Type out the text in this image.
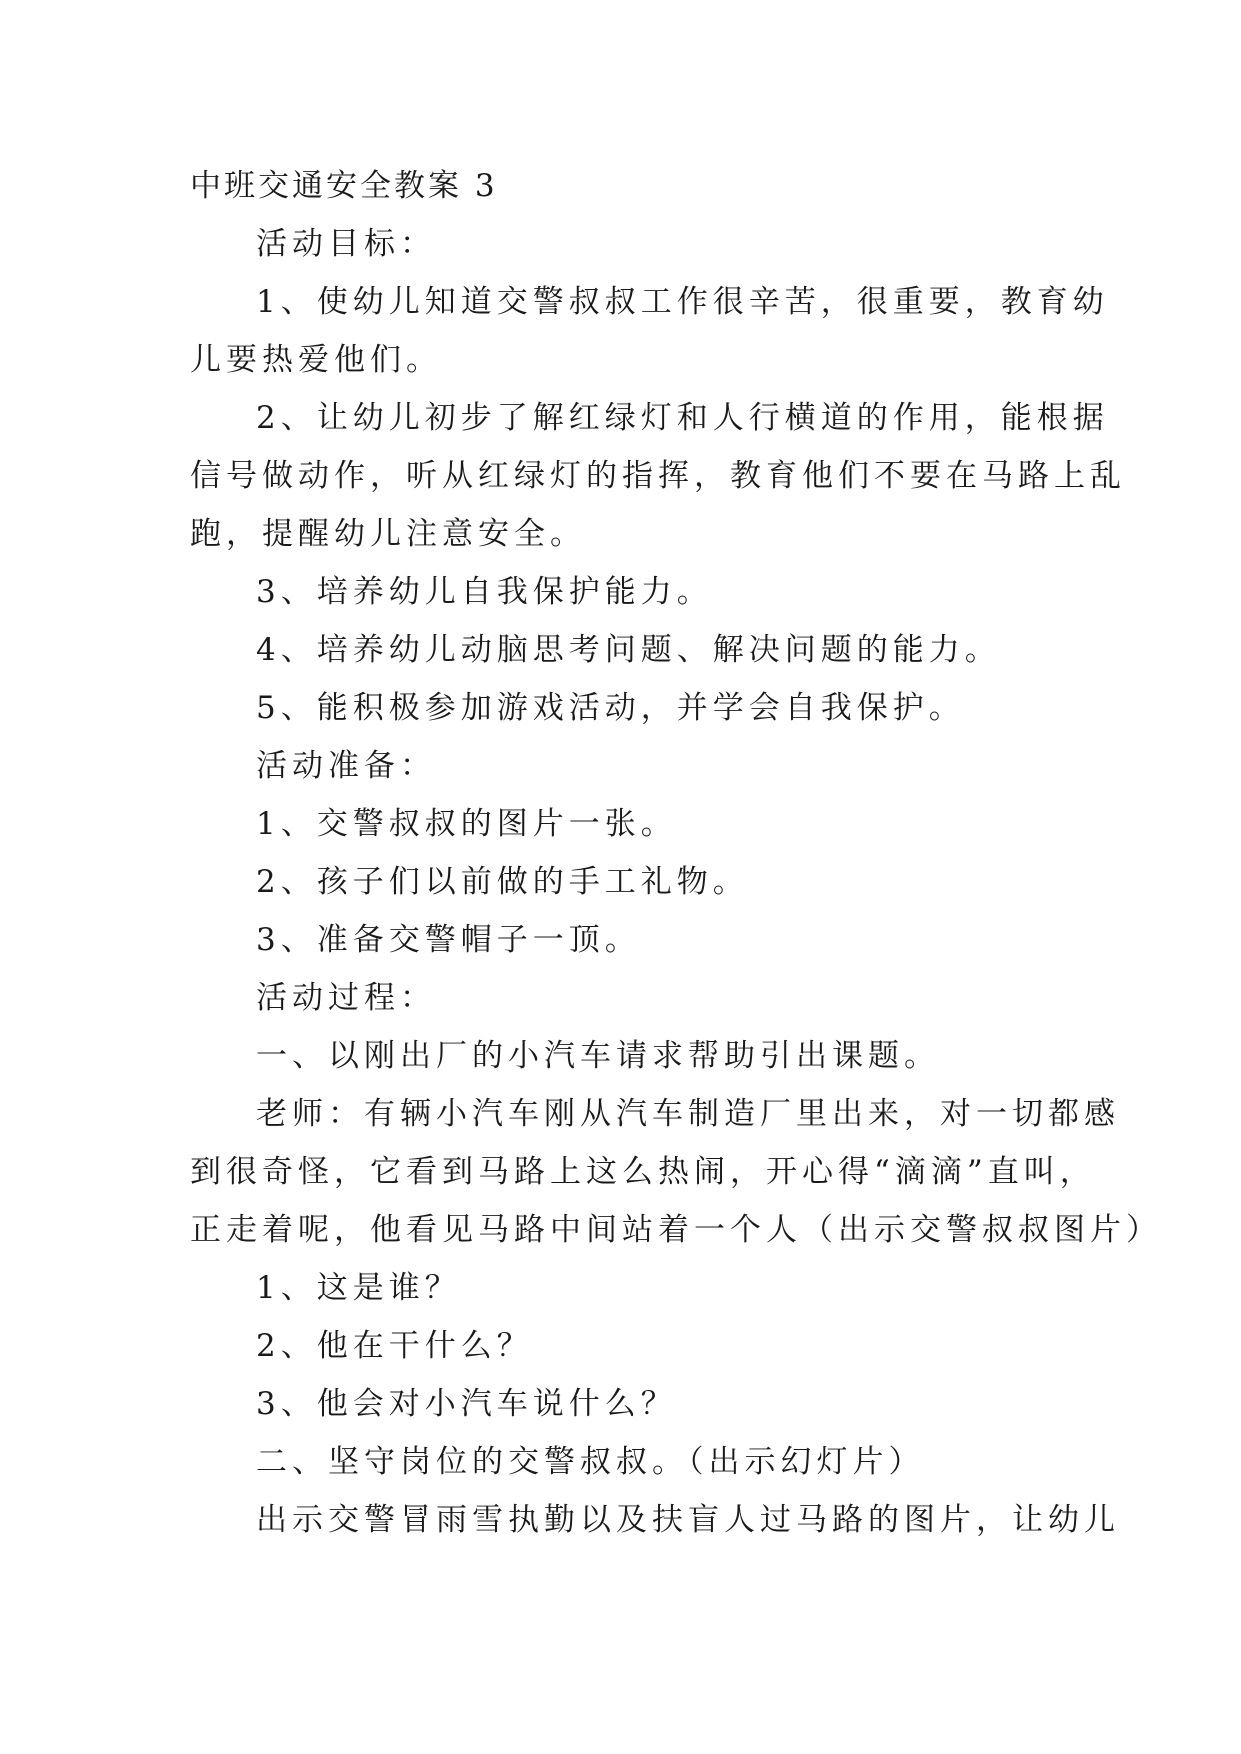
中班交通安全教案 3
活动目标：
1、使幼儿知道交警叔叔工作很辛苦，很重要，教育幼
儿要热爱他们。
2、让幼儿初步了解红绿灯和人行横道的作用，能根据
信号做动作，听从红绿灯的指挥，教育他们不要在马路上乱
跑，提醒幼儿注意安全。
3、培养幼儿自我保护能力。
4、培养幼儿动脑思考问题、解决问题的能力。
5、能积极参加游戏活动，并学会自我保护。
活动准备：
1、交警叔叔的图片一张。
2、孩子们以前做的手工礼物。
3、准备交警帽子一顶。
活动过程：
一、以刚出厂的小汽车请求帮助引出课题。
老师：有辆小汽车刚从汽车制造厂里出来，对一切都感
到很奇怪，它看到马路上这么热闹，开心得“滴滴”直叫，
正走着呢，他看见马路中间站着一个人（出示交警叔叔图片）
1、这是谁？
2、他在干什么？
3、他会对小汽车说什么？
二、坚守岗位的交警叔叔。（出示幻灯片）
出示交警冒雨雪执勤以及扶盲人过马路的图片，让幼儿
